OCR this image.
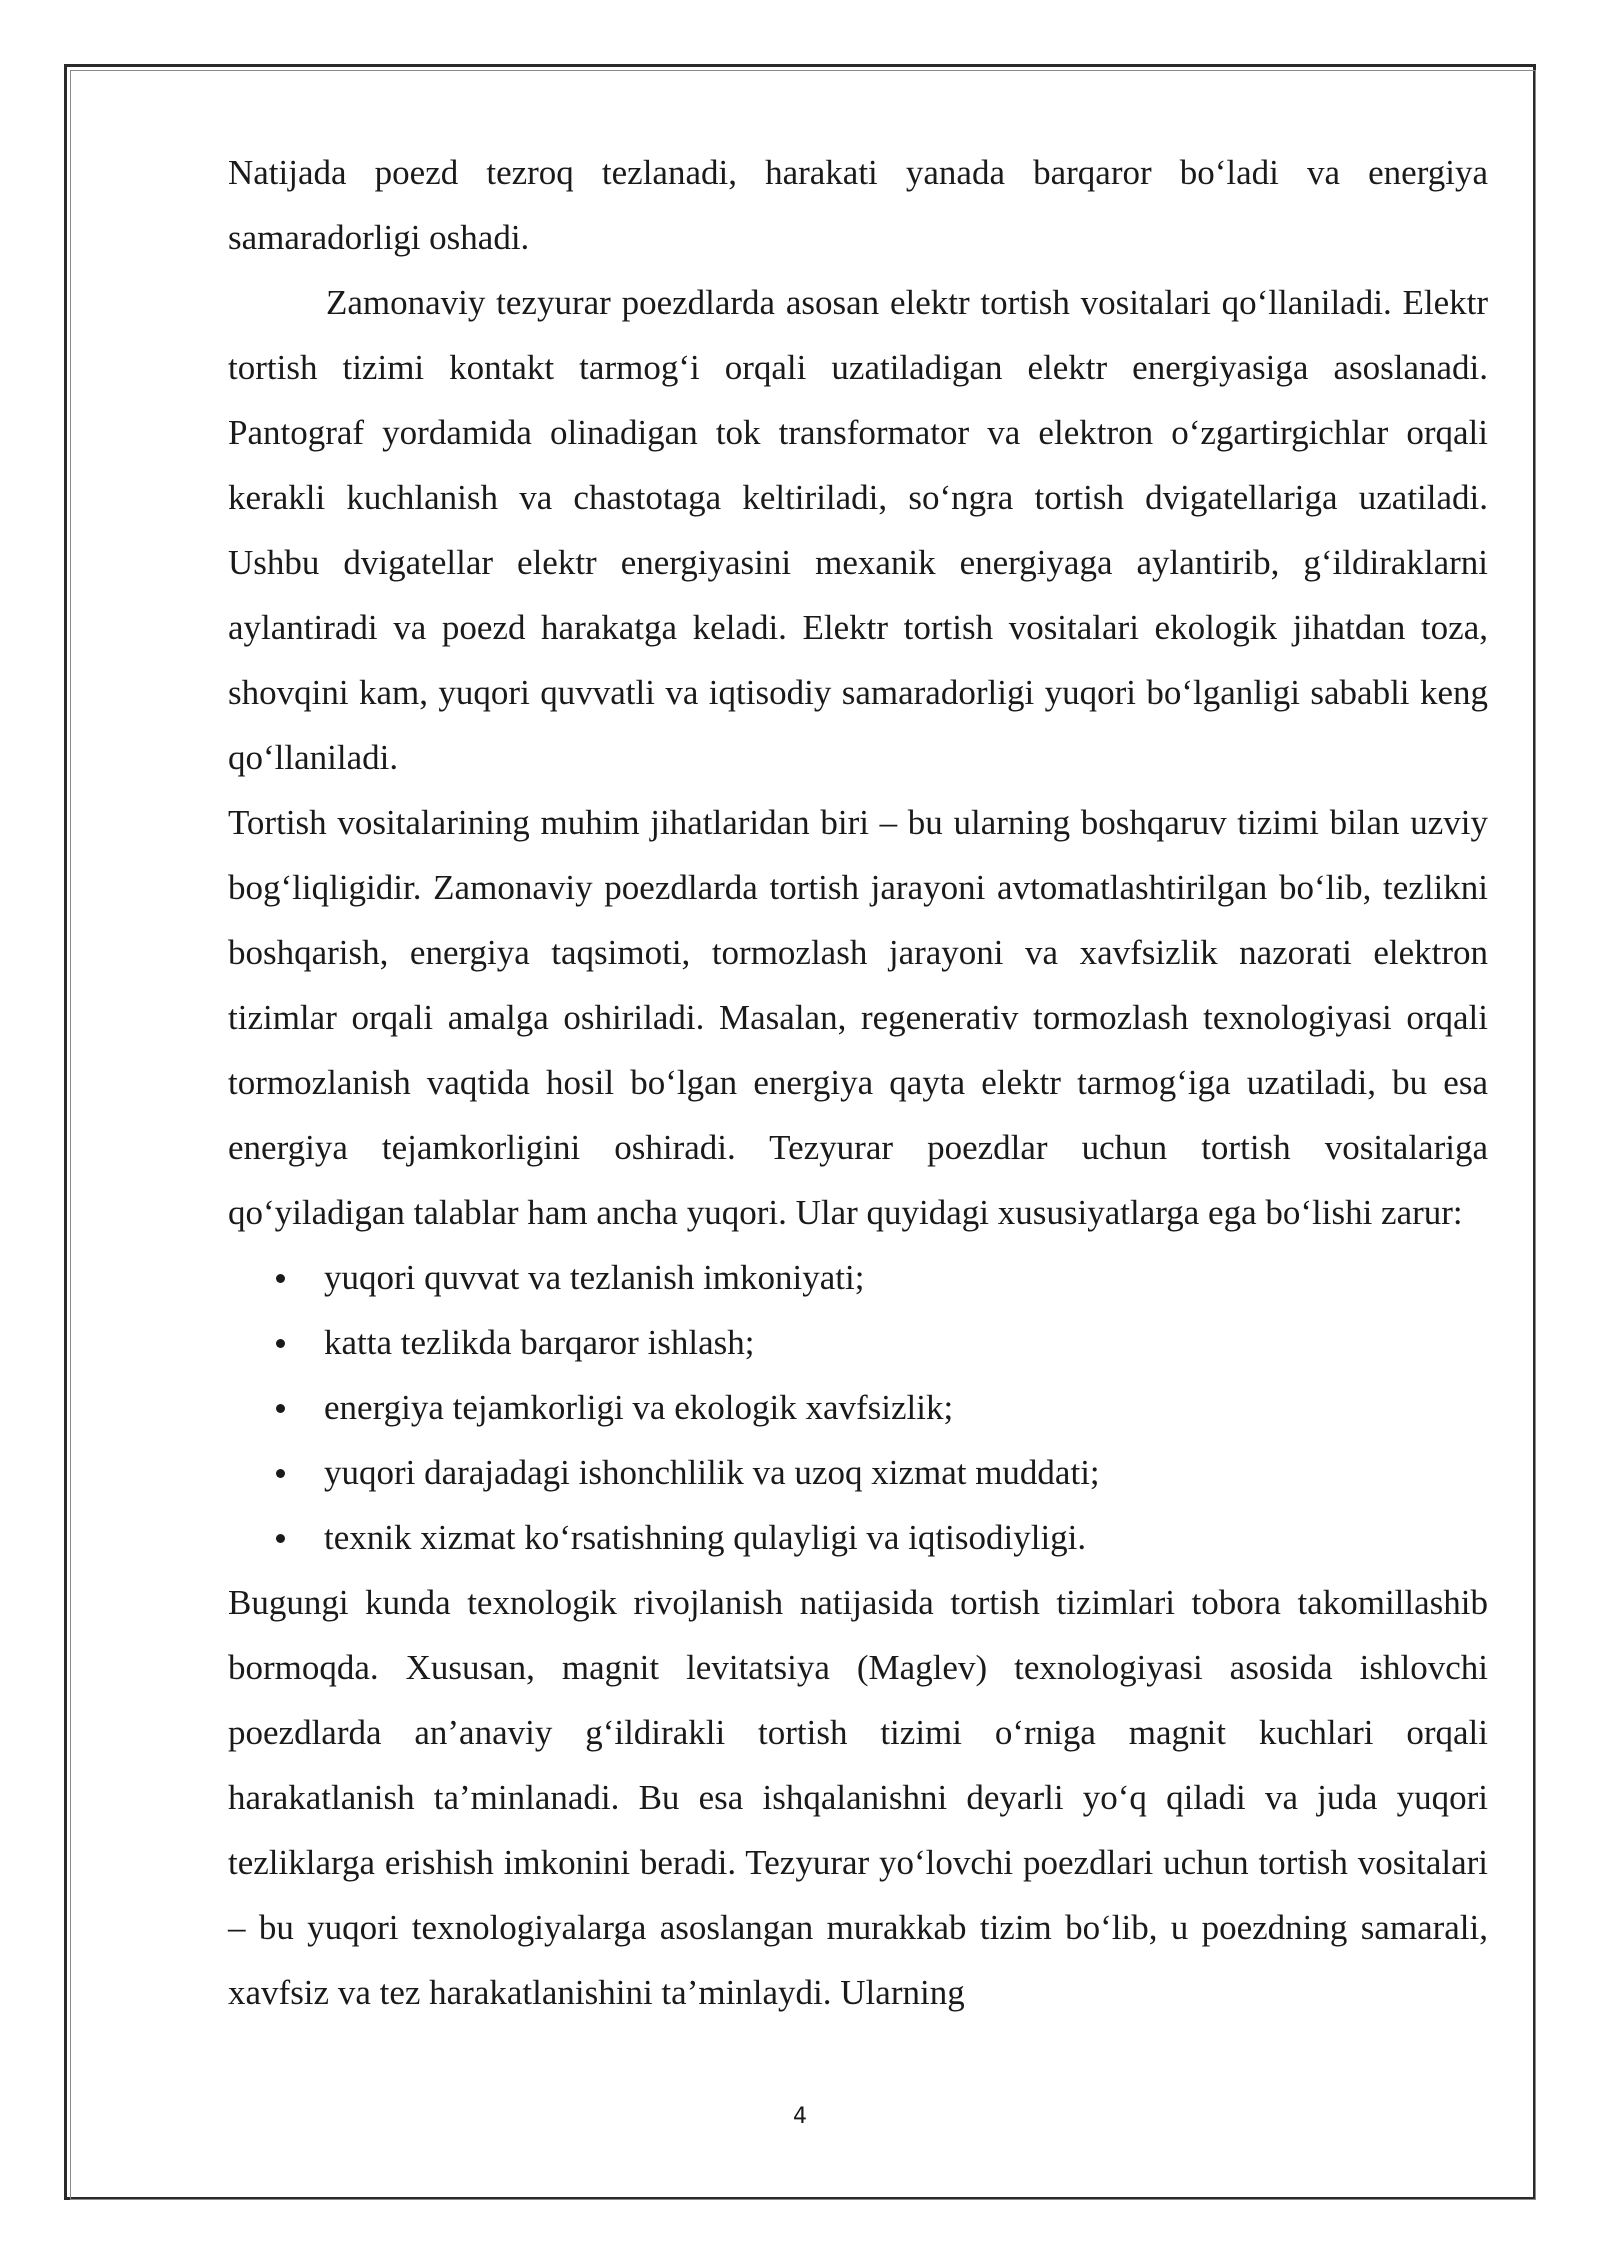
Natijada poezd tezroq tezlanadi, harakati yanada barqaror bo‘ladi va energiya samaradorligi oshadi.

Zamonaviy tezyurar poezdlarda asosan elektr tortish vositalari qo‘llaniladi. Elektr tortish tizimi kontakt tarmog‘i orqali uzatiladigan elektr energiyasiga asoslanadi. Pantograf yordamida olinadigan tok transformator va elektron o‘zgartirgichlar orqali kerakli kuchlanish va chastotaga keltiriladi, so‘ngra tortish dvigatellariga uzatiladi. Ushbu dvigatellar elektr energiyasini mexanik energiyaga aylantirib, g‘ildiraklarni aylantiradi va poezd harakatga keladi. Elektr tortish vositalari ekologik jihatdan toza, shovqini kam, yuqori quvvatli va iqtisodiy samaradorligi yuqori bo‘lganligi sababli keng qo‘llaniladi.

Tortish vositalarining muhim jihatlaridan biri – bu ularning boshqaruv tizimi bilan uzviy bog‘liqligidir. Zamonaviy poezdlarda tortish jarayoni avtomatlashtirilgan bo‘lib, tezlikni boshqarish, energiya taqsimoti, tormozlash jarayoni va xavfsizlik nazorati elektron tizimlar orqali amalga oshiriladi. Masalan, regenerativ tormozlash texnologiyasi orqali tormozlanish vaqtida hosil bo‘lgan energiya qayta elektr tarmog‘iga uzatiladi, bu esa energiya tejamkorligini oshiradi. Tezyurar poezdlar uchun tortish vositalariga qo‘yiladigan talablar ham ancha yuqori. Ular quyidagi xususiyatlarga ega bo‘lishi zarur:

yuqori quvvat va tezlanish imkoniyati;
katta tezlikda barqaror ishlash;
energiya tejamkorligi va ekologik xavfsizlik;
yuqori darajadagi ishonchlilik va uzoq xizmat muddati;
texnik xizmat ko‘rsatishning qulayligi va iqtisodiyligi.

Bugungi kunda texnologik rivojlanish natijasida tortish tizimlari tobora takomillashib bormoqda. Xususan, magnit levitatsiya (Maglev) texnologiyasi asosida ishlovchi poezdlarda an’anaviy g‘ildirakli tortish tizimi o‘rniga magnit kuchlari orqali harakatlanish ta’minlanadi. Bu esa ishqalanishni deyarli yo‘q qiladi va juda yuqori tezliklarga erishish imkonini beradi. Tezyurar yo‘lovchi poezdlari uchun tortish vositalari – bu yuqori texnologiyalarga asoslangan murakkab tizim bo‘lib, u poezdning samarali, xavfsiz va tez harakatlanishini ta’minlaydi. Ularning

4
